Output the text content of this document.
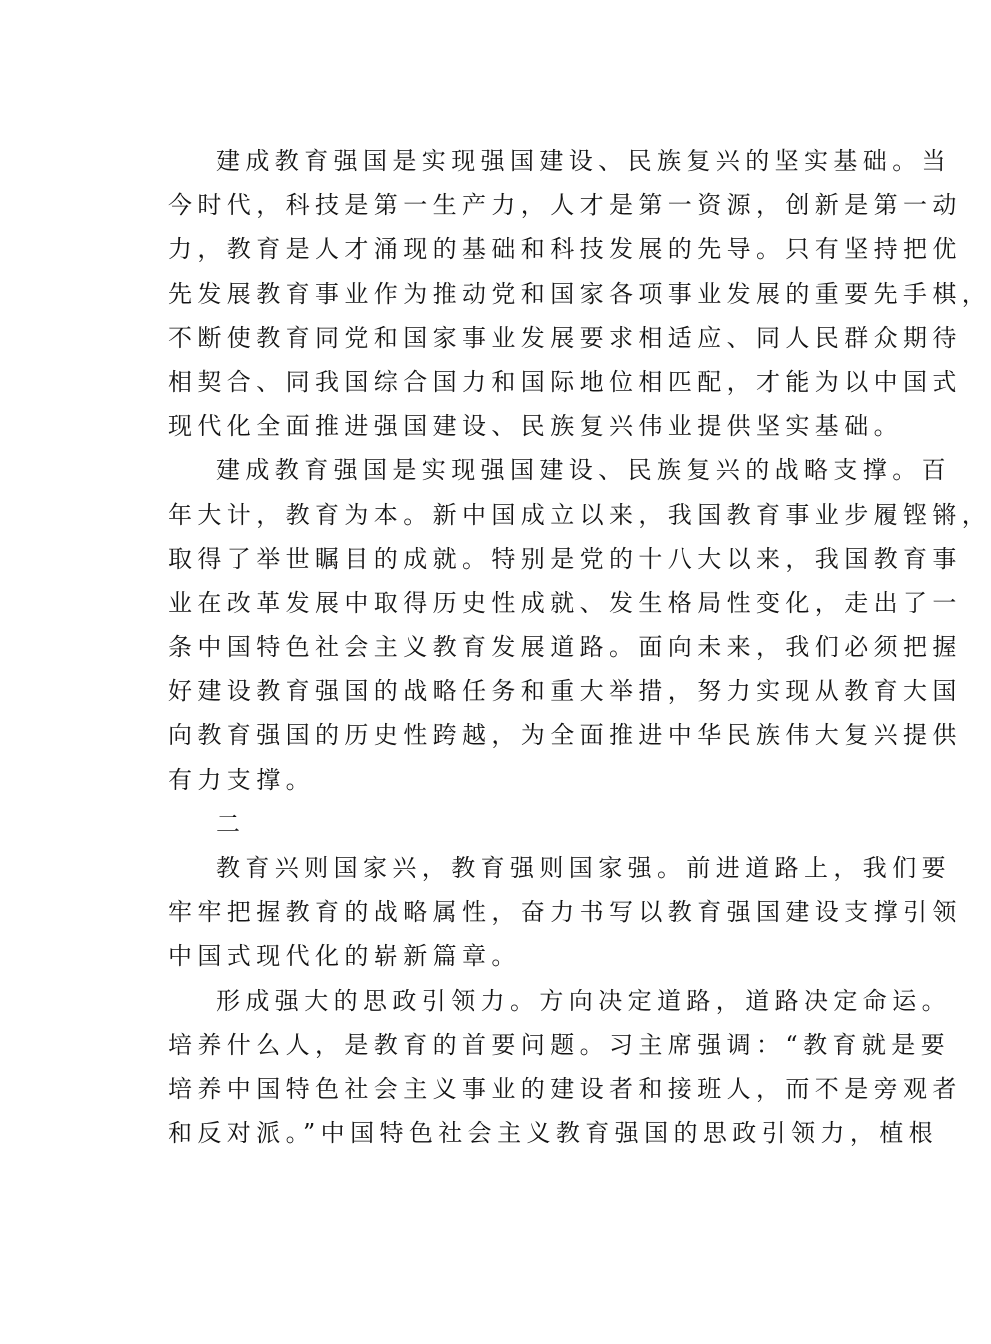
建成教育强国是实现强国建设、民族复兴的坚实基础。当
今时代，科技是第一生产力，人才是第一资源，创新是第一动
力，教育是人才涌现的基础和科技发展的先导。只有坚持把优
先发展教育事业作为推动党和国家各项事业发展的重要先手棋，
不断使教育同党和国家事业发展要求相适应、同人民群众期待
相契合、同我国综合国力和国际地位相匹配，才能为以中国式
现代化全面推进强国建设、民族复兴伟业提供坚实基础。
建成教育强国是实现强国建设、民族复兴的战略支撑。百
年大计，教育为本。新中国成立以来，我国教育事业步履铿锵，
取得了举世瞩目的成就。特别是党的十八大以来，我国教育事
业在改革发展中取得历史性成就、发生格局性变化，走出了一
条中国特色社会主义教育发展道路。面向未来，我们必须把握
好建设教育强国的战略任务和重大举措，努力实现从教育大国
向教育强国的历史性跨越，为全面推进中华民族伟大复兴提供
有力支撑。
二
教育兴则国家兴，教育强则国家强。前进道路上，我们要
牢牢把握教育的战略属性，奋力书写以教育强国建设支撑引领
中国式现代化的崭新篇章。
形成强大的思政引领力。方向决定道路，道路决定命运。
培养什么人，是教育的首要问题。习主席强调：“教育就是要
培养中国特色社会主义事业的建设者和接班人，而不是旁观者
和反对派。”中国特色社会主义教育强国的思政引领力，植根
